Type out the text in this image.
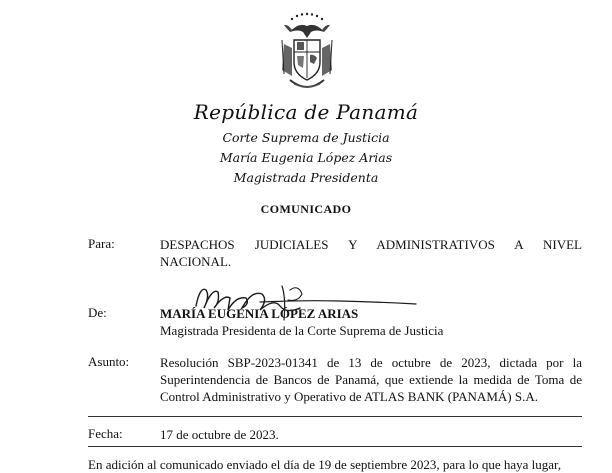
República de Panamá
Corte Suprema de Justicia
María Eugenia López Arias
Magistrada Presidenta
COMUNICADO
Para:	DESPACHOS JUDICIALES Y ADMINISTRATIVOS A NIVEL NACIONAL.
De:	MARÍA EUGENIA LÓPEZ ARIAS
Magistrada Presidenta de la Corte Suprema de Justicia
Asunto: Resolución SBP-2023-01341 de 13 de octubre de 2023, dictada por la Superintendencia de Bancos de Panamá, que extiende la medida de Toma de Control Administrativo y Operativo de ATLAS BANK (PANAMÁ) S.A.
Fecha:	17 de octubre de 2023.
En adición al comunicado enviado el día de 19 de septiembre 2023, para lo que haya lugar,
